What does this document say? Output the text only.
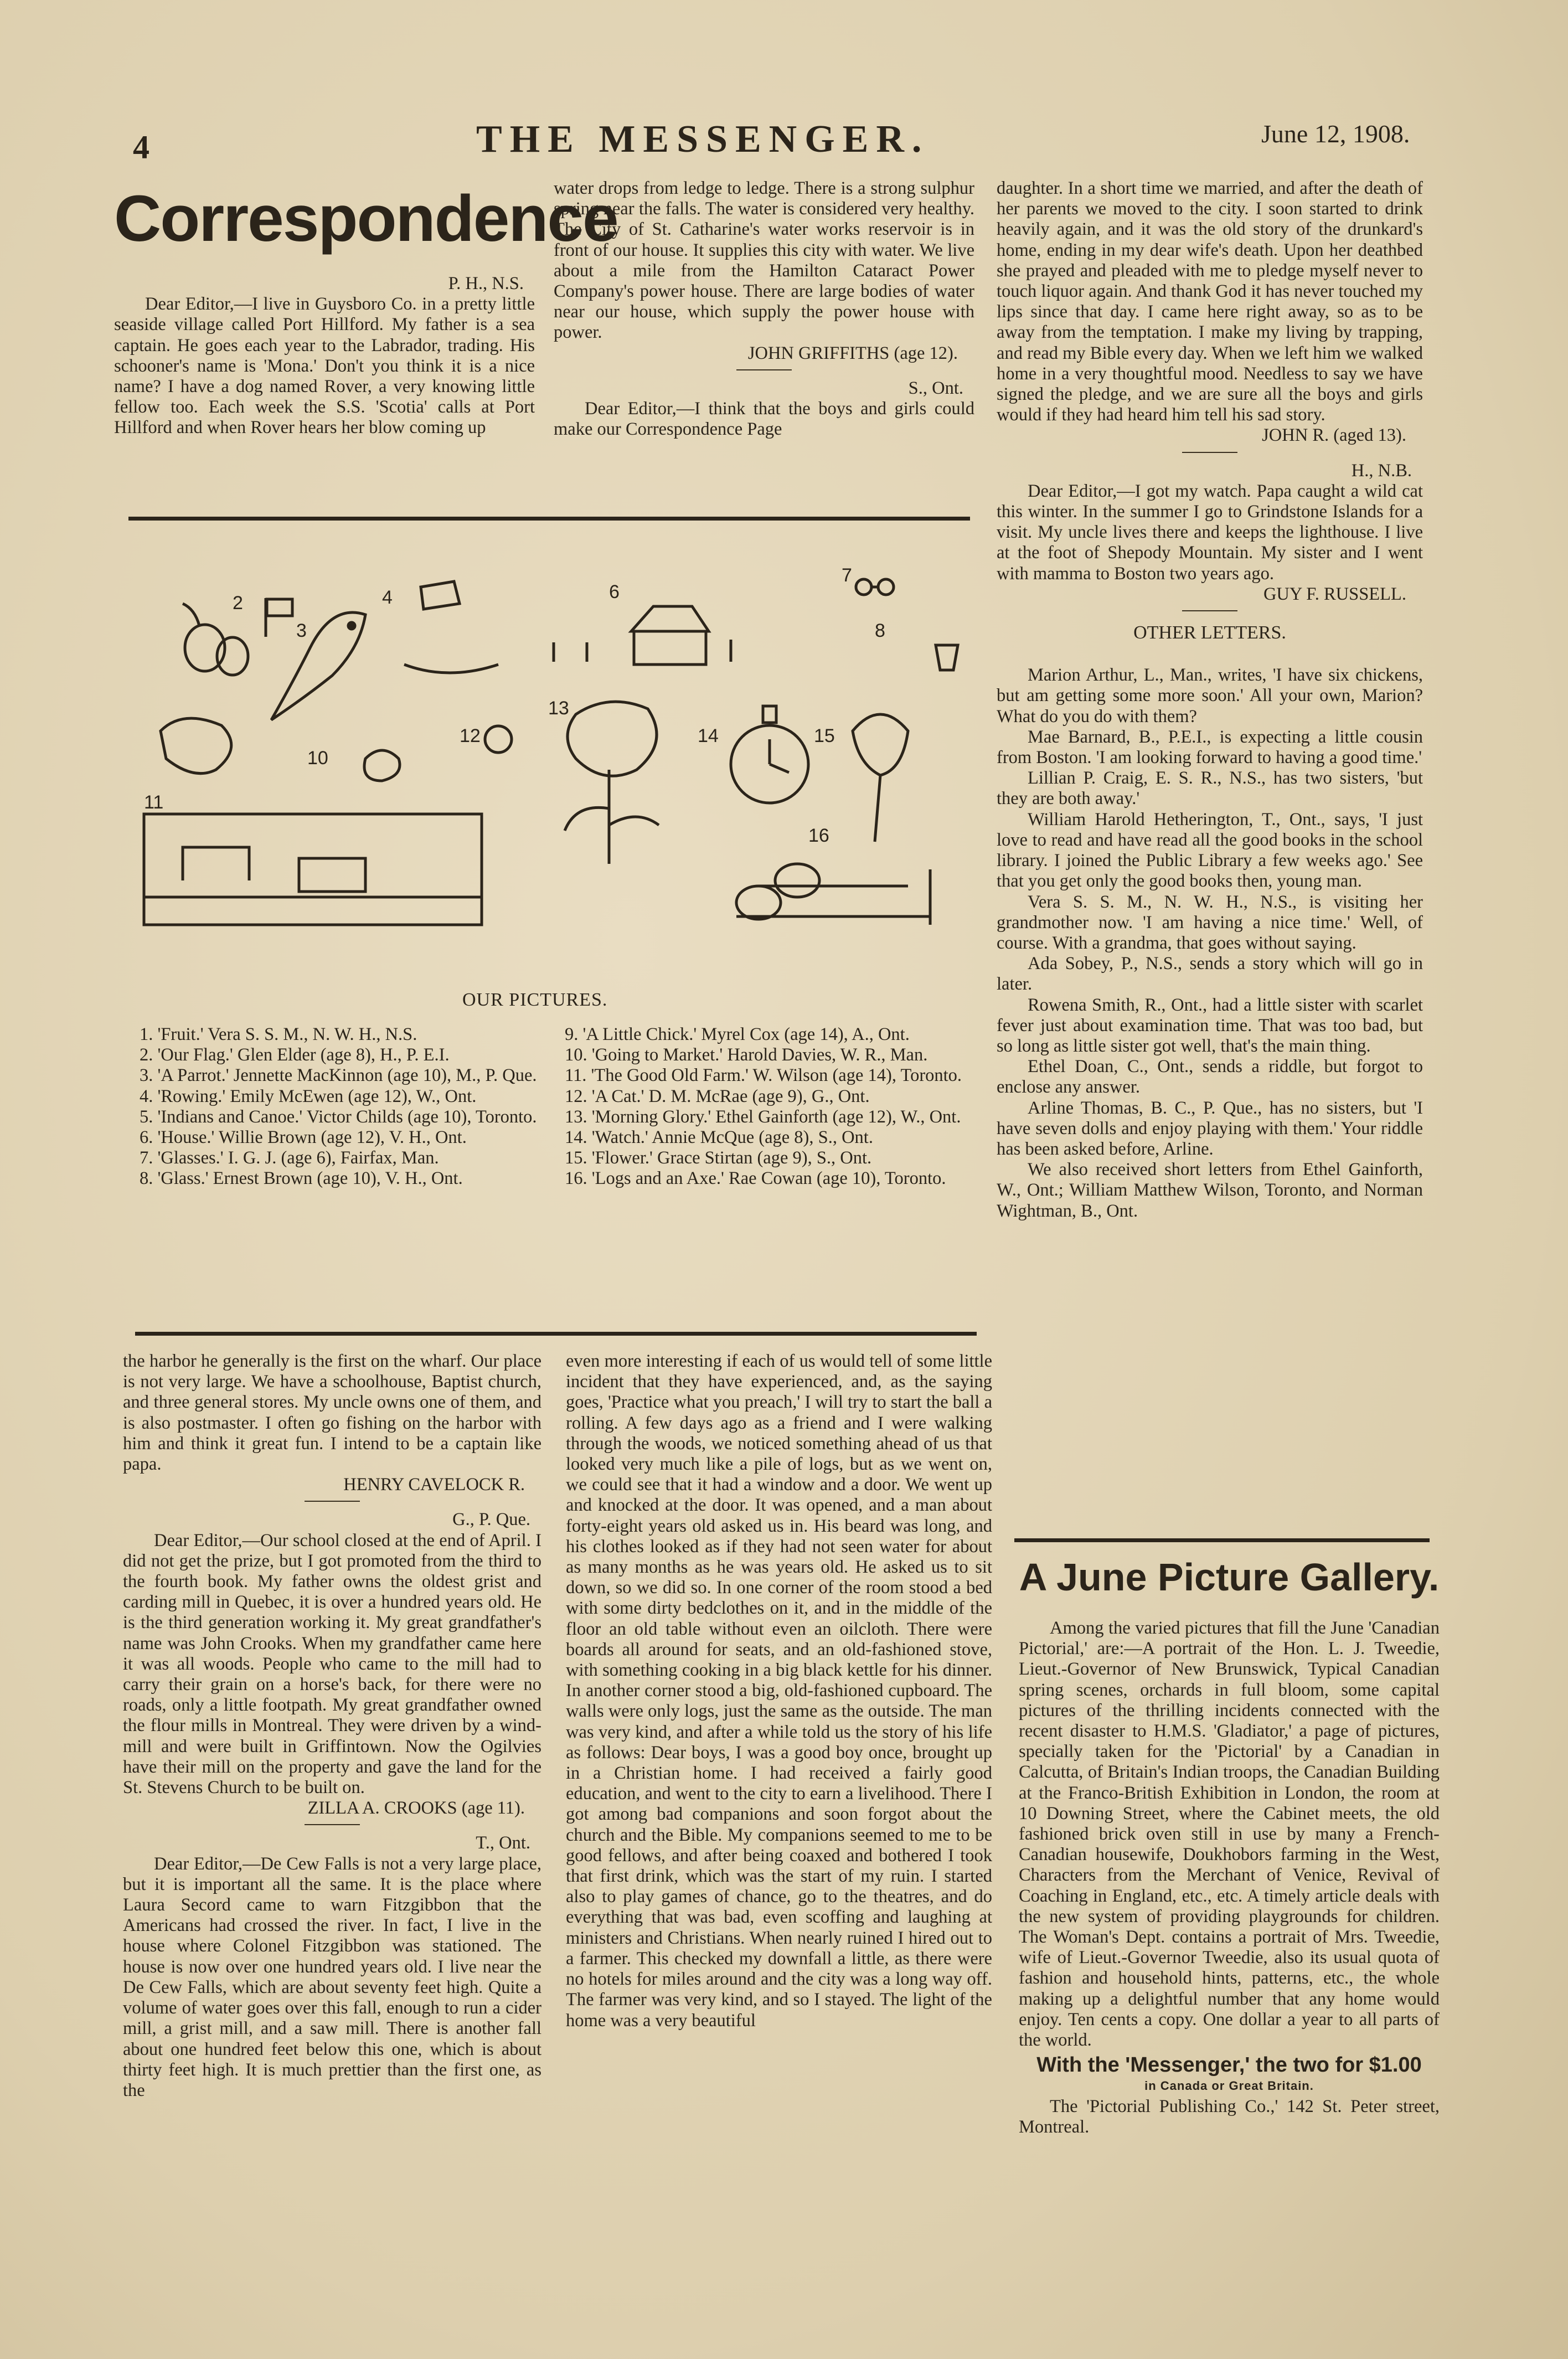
4	THE MESSENGER.	June 12, 1908.
Correspondence
P. H., N.S.

Dear Editor,—I live in Guysboro Co. in a pretty little seaside village called Port Hillford. My father is a sea captain. He goes each year to the Labrador, trading. His schooner's name is 'Mona.' Don't you think it is a nice name? I have a dog named Rover, a very knowing little fellow too. Each week the S.S. 'Scotia' calls at Port Hillford and when Rover hears her blow coming up

water drops from ledge to ledge. There is a strong sulphur spring near the falls. The water is considered very healthy. The City of St. Catharine's water works reservoir is in front of our house. It supplies this city with water. We live about a mile from the Hamilton Cataract Power Company's power house. There are large bodies of water near our house, which supply the power house with power.

JOHN GRIFFITHS (age 12).
S., Ont.

Dear Editor,—I think that the boys and girls could make our Correspondence Page

2
3
4	6
7
8
10
11
12
13
14	15
16
OUR PICTURES.

1. 'Fruit.' Vera S. S. M., N. W. H., N.S.

2. 'Our Flag.' Glen Elder (age 8), H., P. E.I.

3. 'A Parrot.' Jennette MacKinnon (age 10), M., P. Que.

4. 'Rowing.' Emily McEwen (age 12), W., Ont.

5. 'Indians and Canoe.' Victor Childs (age 10), Toronto.

6. 'House.' Willie Brown (age 12), V. H., Ont.

7. 'Glasses.' I. G. J. (age 6), Fairfax, Man.

8. 'Glass.' Ernest Brown (age 10), V. H., Ont.

9. 'A Little Chick.' Myrel Cox (age 14), A., Ont.

10. 'Going to Market.' Harold Davies, W. R., Man.

11. 'The Good Old Farm.' W. Wilson (age 14), Toronto.

12. 'A Cat.' D. M. McRae (age 9), G., Ont.

13. 'Morning Glory.' Ethel Gainforth (age 12), W., Ont.

14. 'Watch.' Annie McQue (age 8), S., Ont.

15. 'Flower.' Grace Stirtan (age 9), S., Ont.

16. 'Logs and an Axe.' Rae Cowan (age 10), Toronto.

daughter. In a short time we married, and after the death of her parents we moved to the city. I soon started to drink heavily again, and it was the old story of the drunkard's home, ending in my dear wife's death. Upon her deathbed she prayed and pleaded with me to pledge myself never to touch liquor again. And thank God it has never touched my lips since that day. I came here right away, so as to be away from the temptation. I make my living by trapping, and read my Bible every day. When we left him we walked home in a very thoughtful mood. Needless to say we have signed the pledge, and we are sure all the boys and girls would if they had heard him tell his sad story.

JOHN R. (aged 13).
H., N.B.

Dear Editor,—I got my watch. Papa caught a wild cat this winter. In the summer I go to Grindstone Islands for a visit. My uncle lives there and keeps the lighthouse. I live at the foot of Shepody Mountain. My sister and I went with mamma to Boston two years ago.

GUY F. RUSSELL.
OTHER LETTERS.

Marion Arthur, L., Man., writes, 'I have six chickens, but am getting some more soon.' All your own, Marion? What do you do with them?

Mae Barnard, B., P.E.I., is expecting a little cousin from Boston. 'I am looking forward to having a good time.'

Lillian P. Craig, E. S. R., N.S., has two sisters, 'but they are both away.'

William Harold Hetherington, T., Ont., says, 'I just love to read and have read all the good books in the school library. I joined the Public Library a few weeks ago.' See that you get only the good books then, young man.

Vera S. S. M., N. W. H., N.S., is visiting her grandmother now. 'I am having a nice time.' Well, of course. With a grandma, that goes without saying.

Ada Sobey, P., N.S., sends a story which will go in later.

Rowena Smith, R., Ont., had a little sister with scarlet fever just about examination time. That was too bad, but so long as little sister got well, that's the main thing.

Ethel Doan, C., Ont., sends a riddle, but forgot to enclose any answer.

Arline Thomas, B. C., P. Que., has no sisters, but 'I have seven dolls and enjoy playing with them.' Your riddle has been asked before, Arline.

We also received short letters from Ethel Gainforth, W., Ont.; William Matthew Wilson, Toronto, and Norman Wightman, B., Ont.

A June Picture Gallery.

Among the varied pictures that fill the June 'Canadian Pictorial,' are:—A portrait of the Hon. L. J. Tweedie, Lieut.-Governor of New Brunswick, Typical Canadian spring scenes, orchards in full bloom, some capital pictures of the thrilling incidents connected with the recent disaster to H.M.S. 'Gladiator,' a page of pictures, specially taken for the 'Pictorial' by a Canadian in Calcutta, of Britain's Indian troops, the Canadian Building at the Franco-British Exhibition in London, the room at 10 Downing Street, where the Cabinet meets, the old fashioned brick oven still in use by many a French-Canadian housewife, Doukhobors farming in the West, Characters from the Merchant of Venice, Revival of Coaching in England, etc., etc. A timely article deals with the new system of providing playgrounds for children. The Woman's Dept. contains a portrait of Mrs. Tweedie, wife of Lieut.-Governor Tweedie, also its usual quota of fashion and household hints, patterns, etc., the whole making up a delightful number that any home would enjoy. Ten cents a copy. One dollar a year to all parts of the world.

With the 'Messenger,' the two for $1.00
in Canada or Great Britain.

The 'Pictorial Publishing Co.,' 142 St. Peter street, Montreal.

the harbor he generally is the first on the wharf. Our place is not very large. We have a schoolhouse, Baptist church, and three general stores. My uncle owns one of them, and is also postmaster. I often go fishing on the harbor with him and think it great fun. I intend to be a captain like papa.

HENRY CAVELOCK R.
G., P. Que.

Dear Editor,—Our school closed at the end of April. I did not get the prize, but I got promoted from the third to the fourth book. My father owns the oldest grist and carding mill in Quebec, it is over a hundred years old. He is the third generation working it. My great grandfather's name was John Crooks. When my grandfather came here it was all woods. People who came to the mill had to carry their grain on a horse's back, for there were no roads, only a little footpath. My great grandfather owned the flour mills in Montreal. They were driven by a wind-mill and were built in Griffintown. Now the Ogilvies have their mill on the property and gave the land for the St. Stevens Church to be built on.

ZILLA A. CROOKS (age 11).
T., Ont.

Dear Editor,—De Cew Falls is not a very large place, but it is important all the same. It is the place where Laura Secord came to warn Fitzgibbon that the Americans had crossed the river. In fact, I live in the house where Colonel Fitzgibbon was stationed. The house is now over one hundred years old. I live near the De Cew Falls, which are about seventy feet high. Quite a volume of water goes over this fall, enough to run a cider mill, a grist mill, and a saw mill. There is another fall about one hundred feet below this one, which is about thirty feet high. It is much prettier than the first one, as the

even more interesting if each of us would tell of some little incident that they have experienced, and, as the saying goes, 'Practice what you preach,' I will try to start the ball a rolling. A few days ago as a friend and I were walking through the woods, we noticed something ahead of us that looked very much like a pile of logs, but as we went on, we could see that it had a window and a door. We went up and knocked at the door. It was opened, and a man about forty-eight years old asked us in. His beard was long, and his clothes looked as if they had not seen water for about as many months as he was years old. He asked us to sit down, so we did so. In one corner of the room stood a bed with some dirty bedclothes on it, and in the middle of the floor an old table without even an oilcloth. There were boards all around for seats, and an old-fashioned stove, with something cooking in a big black kettle for his dinner. In another corner stood a big, old-fashioned cupboard. The walls were only logs, just the same as the outside. The man was very kind, and after a while told us the story of his life as follows: Dear boys, I was a good boy once, brought up in a Christian home. I had received a fairly good education, and went to the city to earn a livelihood. There I got among bad companions and soon forgot about the church and the Bible. My companions seemed to me to be good fellows, and after being coaxed and bothered I took that first drink, which was the start of my ruin. I started also to play games of chance, go to the theatres, and do everything that was bad, even scoffing and laughing at ministers and Christians. When nearly ruined I hired out to a farmer. This checked my downfall a little, as there were no hotels for miles around and the city was a long way off. The farmer was very kind, and so I stayed. The light of the home was a very beautiful
